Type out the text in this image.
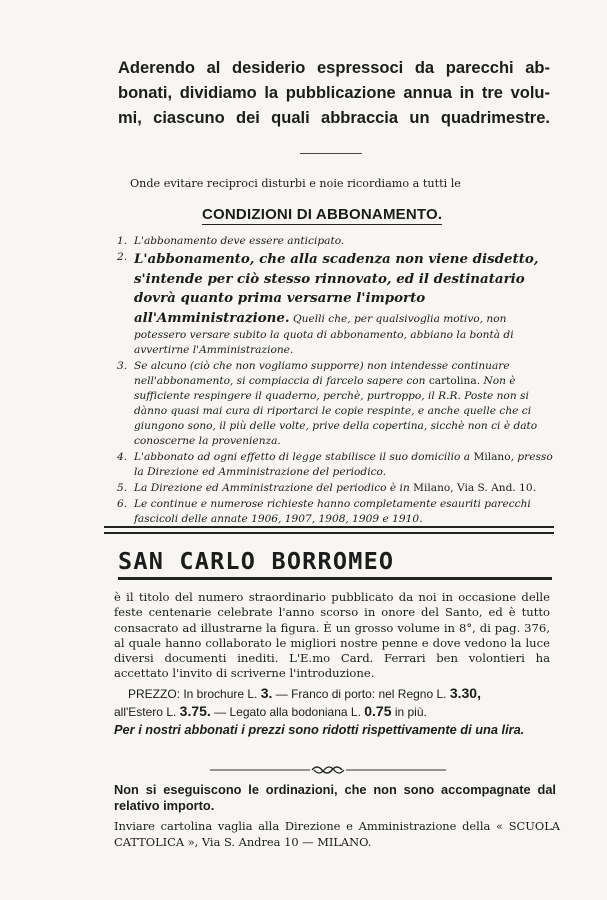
Aderendo al desiderio espressoci da parecchi ab-
bonati, dividiamo la pubblicazione annua in tre volu-
mi, ciascuno dei quali abbraccia un quadrimestre.

Onde evitare reciproci disturbi e noie ricordiamo a tutti le

CONDIZIONI DI ABBONAMENTO.
1. L'abbonamento deve essere anticipato.
2. L'abbonamento, che alla scadenza non viene disdetto, s'intende per ciò stesso rinnovato, ed il destinatario dovrà quanto prima versarne l'importo all'Amministrazione. Quelli che, per qualsivoglia motivo, non potessero versare subito la quota di abbonamento, abbiano la bontà di avvertirne l'Amministrazione.
3. Se alcuno (ciò che non vogliamo supporre) non intendesse continuare nell'abbonamento, si compiaccia di farcelo sapere con cartolina. Non è sufficiente respingere il quaderno, perchè, purtroppo, il R.R. Poste non si dànno quasi mai cura di riportarci le copie respinte, e anche quelle che ci giungono sono, il più delle volte, prive della copertina, sicchè non ci è dato conoscerne la provenienza.
4. L'abbonato ad ogni effetto di legge stabilisce il suo domicilio a Milano, presso la Direzione ed Amministrazione del periodico.
5. La Direzione ed Amministrazione del periodico è in Milano, Via S. And. 10.
6. Le continue e numerose richieste hanno completamente esauriti parecchi fascicoli delle annate 1906, 1907, 1908, 1909 e 1910.
SAN CARLO BORROMEO

è il titolo del numero straordinario pubblicato da noi in occasione delle feste centenarie celebrate l'anno scorso in onore del Santo, ed è tutto consacrato ad illustrarne la figura. È un grosso volume in 8°, di pag. 376, al quale hanno collaborato le migliori nostre penne e dove vedono la luce diversi documenti inediti. L'E.mo Card. Ferrari ben volontieri ha accettato l'invito di scriverne l'introduzione.

PREZZO: In brochure L. 3. — Franco di porto: nel Regno L. 3.30,
all'Estero L. 3.75. — Legato alla bodoniana L. 0.75 in più.

Per i nostri abbonati i prezzi sono ridotti rispettivamente di una lira.

Non si eseguiscono le ordinazioni, che non sono accompagnate dal relativo importo.

Inviare cartolina vaglia alla Direzione e Amministrazione della « SCUOLA CATTOLICA », Via S. Andrea 10 — MILANO.
